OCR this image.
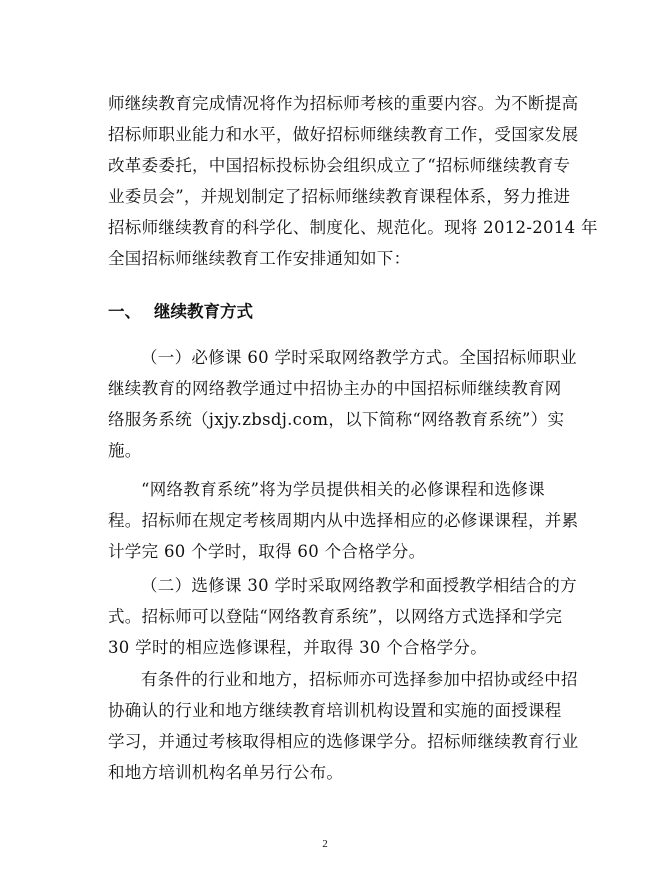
师继续教育完成情况将作为招标师考核的重要内容。为不断提高
招标师职业能力和水平，做好招标师继续教育工作，受国家发展
改革委委托，中国招标投标协会组织成立了“招标师继续教育专
业委员会”，并规划制定了招标师继续教育课程体系，努力推进
招标师继续教育的科学化、制度化、规范化。现将 2012-2014 年
全国招标师继续教育工作安排通知如下：
一、 继续教育方式
（一）必修课 60 学时采取网络教学方式。全国招标师职业
继续教育的网络教学通过中招协主办的中国招标师继续教育网
络服务系统（jxjy.zbsdj.com，以下简称“网络教育系统”）实
施。
“网络教育系统”将为学员提供相关的必修课程和选修课
程。招标师在规定考核周期内从中选择相应的必修课课程，并累
计学完 60 个学时，取得 60 个合格学分。
（二）选修课 30 学时采取网络教学和面授教学相结合的方
式。招标师可以登陆“网络教育系统”，以网络方式选择和学完
30 学时的相应选修课程，并取得 30 个合格学分。
有条件的行业和地方，招标师亦可选择参加中招协或经中招
协确认的行业和地方继续教育培训机构设置和实施的面授课程
学习，并通过考核取得相应的选修课学分。招标师继续教育行业
和地方培训机构名单另行公布。
2
